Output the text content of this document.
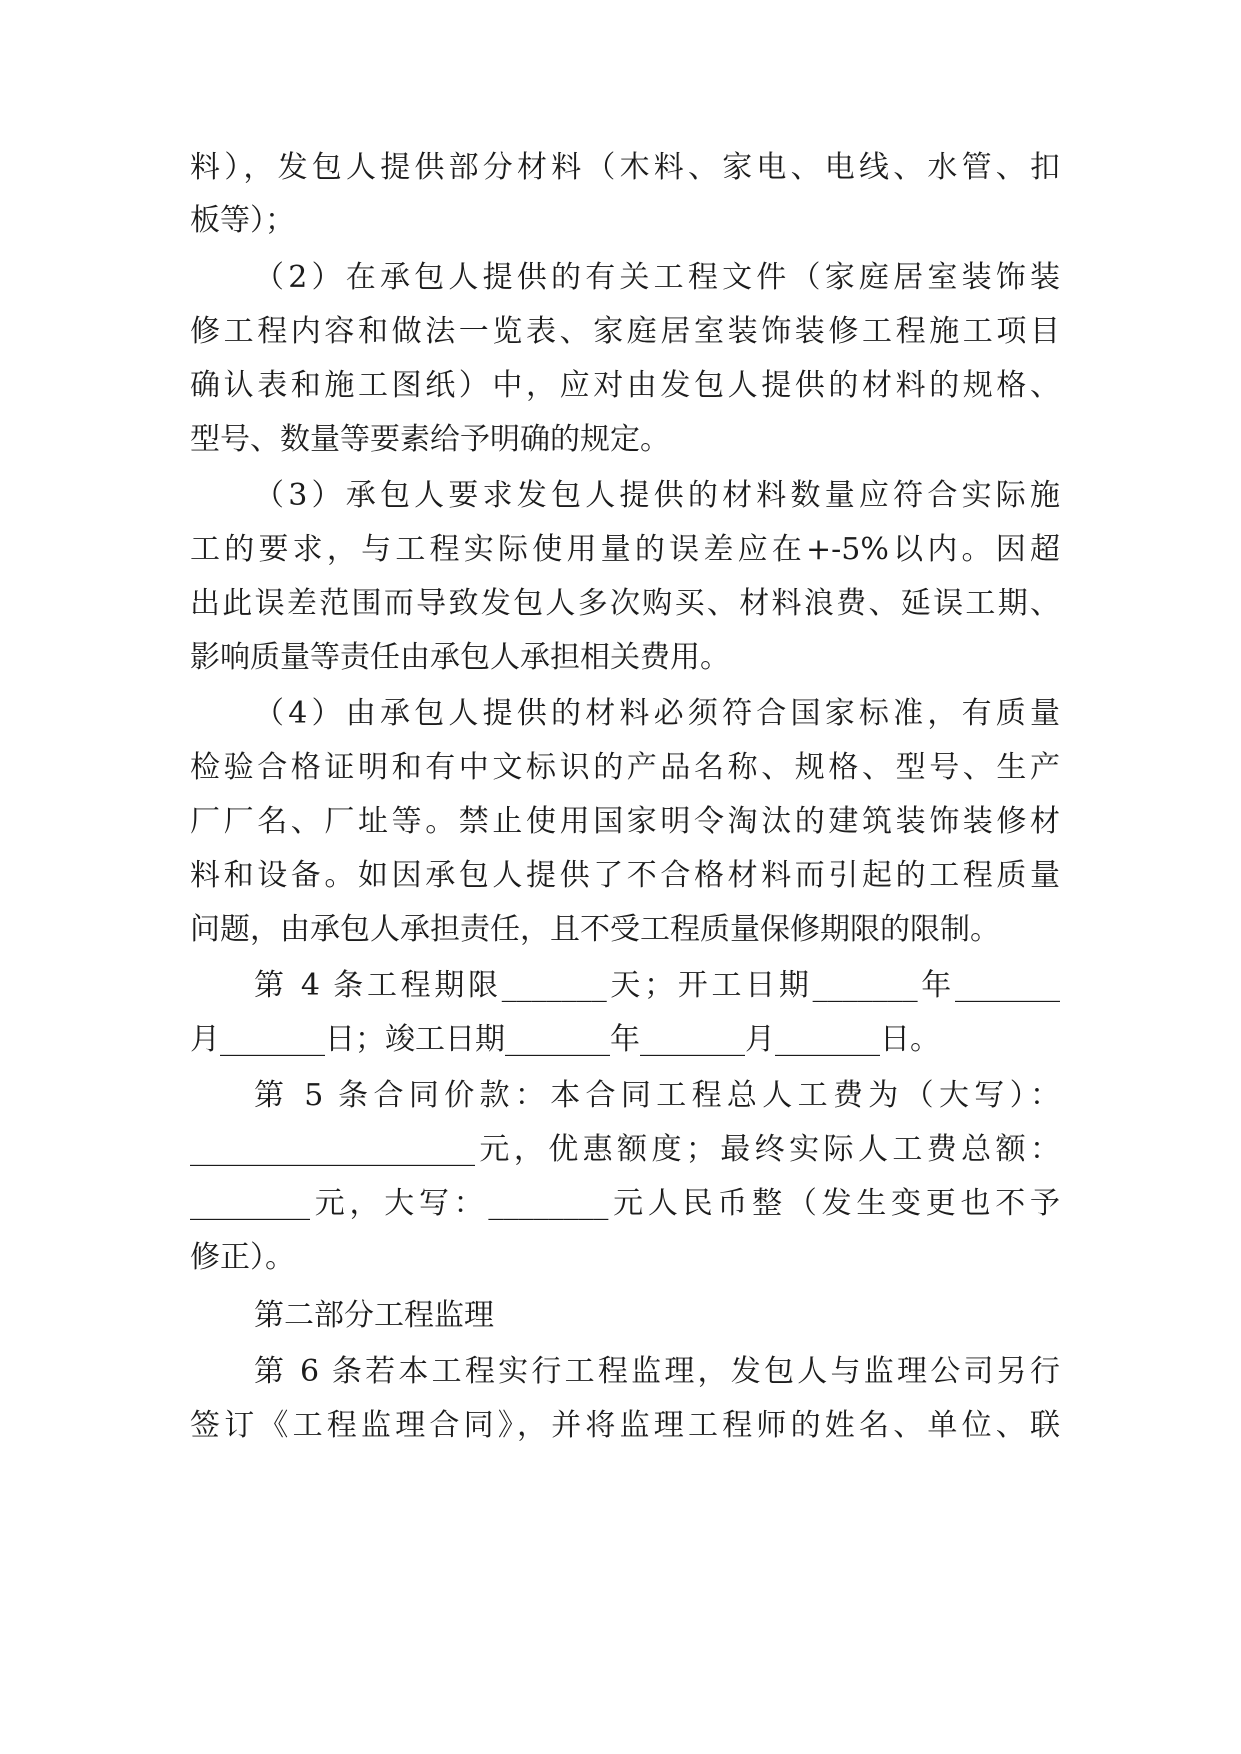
料），发包人提供部分材料（木料、家电、电线、水管、扣

板等）；

（2）在承包人提供的有关工程文件（家庭居室装饰装

修工程内容和做法一览表、家庭居室装饰装修工程施工项目

确认表和施工图纸）中，应对由发包人提供的材料的规格、

型号、数量等要素给予明确的规定。

（3）承包人要求发包人提供的材料数量应符合实际施

工的要求，与工程实际使用量的误差应在+-5%以内。因超

出此误差范围而导致发包人多次购买、材料浪费、延误工期、

影响质量等责任由承包人承担相关费用。

（4）由承包人提供的材料必须符合国家标准，有质量

检验合格证明和有中文标识的产品名称、规格、型号、生产

厂厂名、厂址等。禁止使用国家明令淘汰的建筑装饰装修材

料和设备。如因承包人提供了不合格材料而引起的工程质量

问题，由承包人承担责任，且不受工程质量保修期限的限制。

第 4 条工程期限_______天；开工日期_______年_______

月_______日；竣工日期_______年_______月_______日。

第 5 条合同价款：本合同工程总人工费为（大写）：

___________________元，优惠额度；最终实际人工费总额：

________元，大写：________元人民币整（发生变更也不予

修正）。

第二部分工程监理

第 6 条若本工程实行工程监理，发包人与监理公司另行

签订《工程监理合同》，并将监理工程师的姓名、单位、联
